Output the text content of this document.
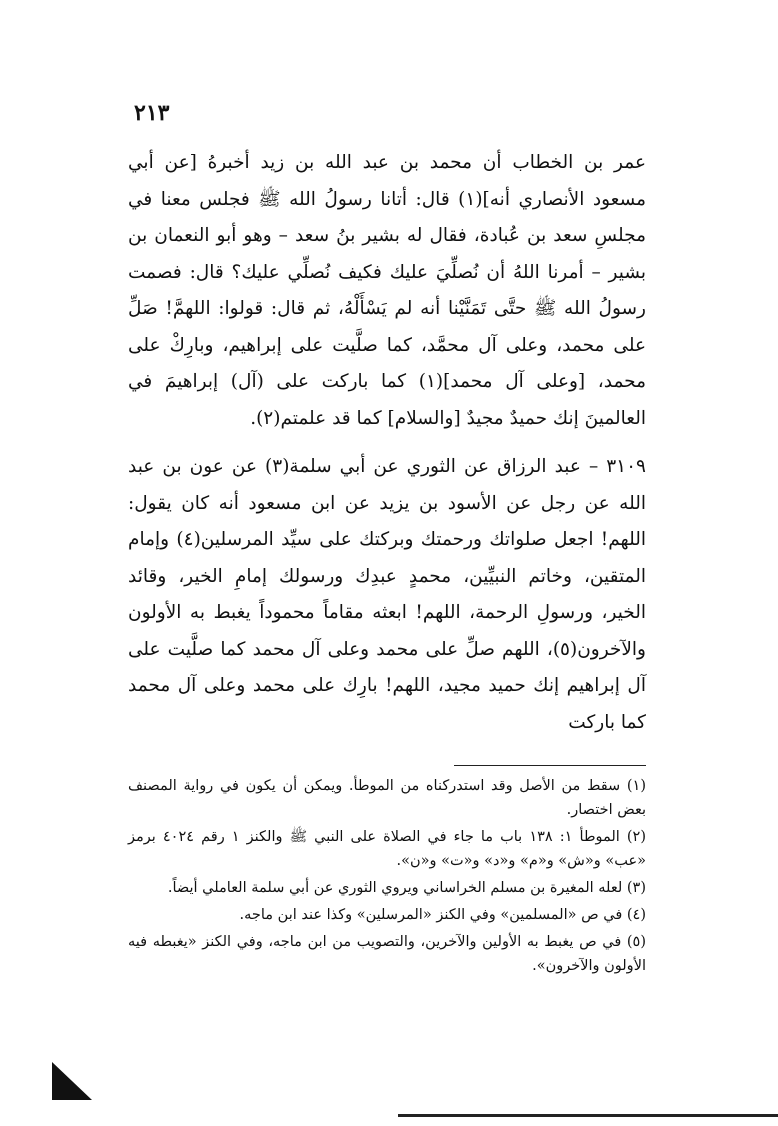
٢١٣

عمر بن الخطاب أن محمد بن عبد الله بن زيد أخبرهُ [عن أبي مسعود الأنصاري أنه](١) قال: أتانا رسولُ الله ﷺ فجلس معنا في مجلسِ سعد بن عُبادة، فقال له بشير بنُ سعد – وهو أبو النعمان بن بشير – أمرنا اللهُ أن نُصلِّيَ عليك فكيف نُصلِّي عليك؟ قال: فصمت رسولُ الله ﷺ حتَّى تَمَنَّيْنا أنه لم يَسْأَلْهُ، ثم قال: قولوا: اللهمَّ! صَلِّ على محمد، وعلى آل محمَّد، كما صلَّيت على إبراهيم، وبارِكْ على محمد، [وعلى آل محمد](١) كما باركت على (آل) إبراهيمَ في العالمينَ إنك حميدٌ مجيدٌ [والسلام] كما قد علمتم(٢).

٣١٠٩ – عبد الرزاق عن الثوري عن أبي سلمة(٣) عن عون بن عبد الله عن رجل عن الأسود بن يزيد عن ابن مسعود أنه كان يقول: اللهم! اجعل صلواتك ورحمتك وبركتك على سيِّد المرسلين(٤) وإمام المتقين، وخاتم النبيِّين، محمدٍ عبدِك ورسولك إمامِ الخير، وقائد الخير، ورسولِ الرحمة، اللهم! ابعثه مقاماً محموداً يغبط به الأولون والآخرون(٥)، اللهم صلِّ على محمد وعلى آل محمد كما صلَّيت على آل إبراهيم إنك حميد مجيد، اللهم! بارِك على محمد وعلى آل محمد كما باركت

(١) سقط من الأصل وقد استدركناه من الموطأ. ويمكن أن يكون في رواية المصنف بعض اختصار.

(٢) الموطأ ١: ١٣٨ باب ما جاء في الصلاة على النبي ﷺ والكنز ١ رقم ٤٠٢٤ برمز «عب» و«ش» و«م» و«د» و«ت» و«ن».

(٣) لعله المغيرة بن مسلم الخراساني ويروي الثوري عن أبي سلمة العاملي أيضاً.

(٤) في ص «المسلمين» وفي الكنز «المرسلين» وكذا عند ابن ماجه.

(٥) في ص يغبط به الأولين والآخرين، والتصويب من ابن ماجه، وفي الكنز «يغبطه فيه الأولون والآخرون».
